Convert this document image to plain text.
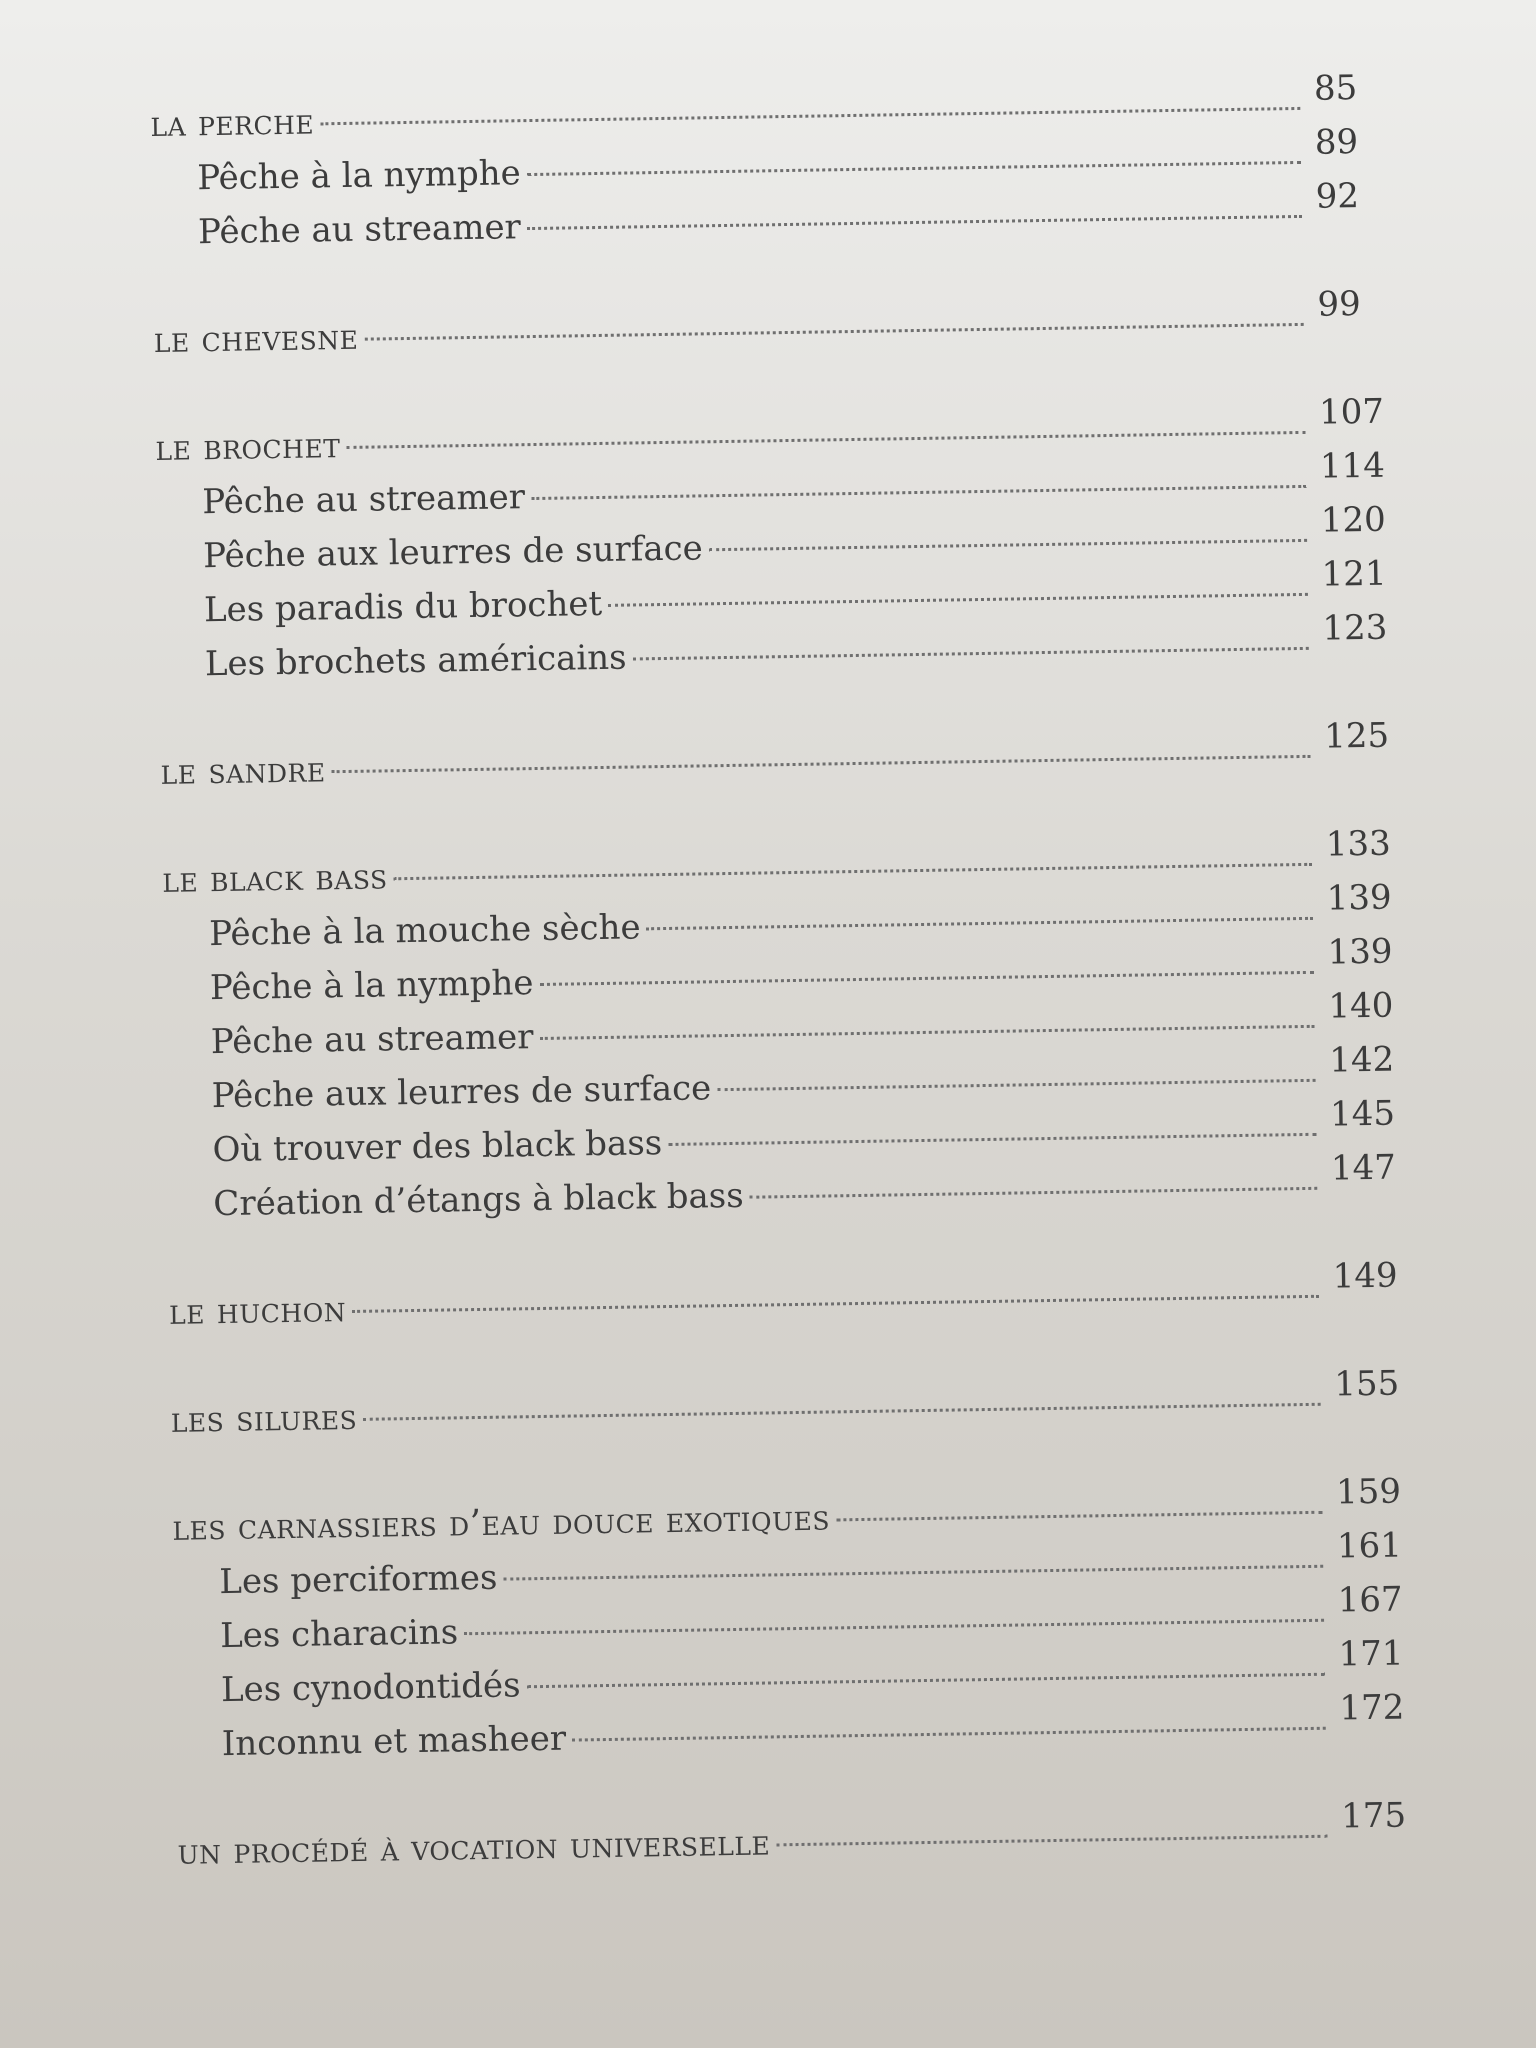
la perche
85
Pêche à la nymphe
89
Pêche au streamer
92
le chevesne
99
le brochet
107
Pêche au streamer
114
Pêche aux leurres de surface
120
Les paradis du brochet
121
Les brochets américains
123
le sandre
125
le black bass
133
Pêche à la mouche sèche
139
Pêche à la nymphe
139
Pêche au streamer
140
Pêche aux leurres de surface
142
Où trouver des black bass
145
Création d’étangs à black bass
147
le huchon
149
les silures
155
les carnassiers d’eau douce exotiques
159
Les perciformes
161
Les characins
167
Les cynodontidés
171
Inconnu et masheer
172
un procédé à vocation universelle
175
